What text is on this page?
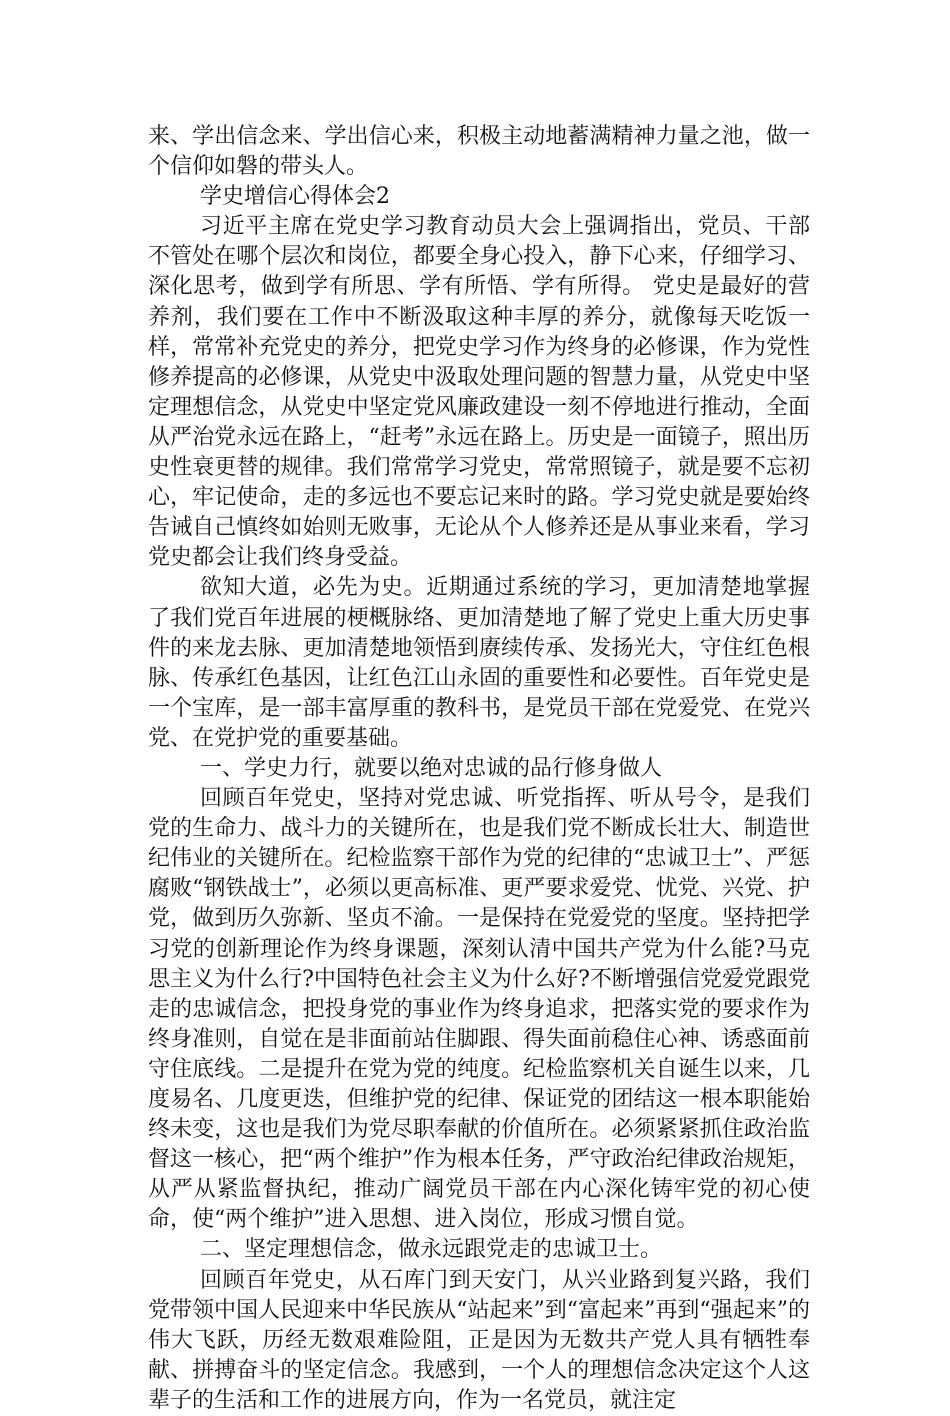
来、学出信念来、学出信心来，积极主动地蓄满精神力量之池，做一个信仰如磐的带头人。

学史增信心得体会2

习近平主席在党史学习教育动员大会上强调指出，党员、干部不管处在哪个层次和岗位，都要全身心投入，静下心来，仔细学习、深化思考，做到学有所思、学有所悟、学有所得。 党史是最好的营养剂，我们要在工作中不断汲取这种丰厚的养分，就像每天吃饭一样，常常补充党史的养分，把党史学习作为终身的必修课，作为党性修养提高的必修课，从党史中汲取处理问题的智慧力量，从党史中坚定理想信念，从党史中坚定党风廉政建设一刻不停地进行推动，全面从严治党永远在路上，“赶考”永远在路上。历史是一面镜子，照出历史性衰更替的规律。我们常常学习党史，常常照镜子，就是要不忘初心，牢记使命，走的多远也不要忘记来时的路。学习党史就是要始终告诫自己慎终如始则无败事，无论从个人修养还是从事业来看，学习党史都会让我们终身受益。

欲知大道，必先为史。近期通过系统的学习，更加清楚地掌握了我们党百年进展的梗概脉络、更加清楚地了解了党史上重大历史事件的来龙去脉、更加清楚地领悟到赓续传承、发扬光大，守住红色根脉、传承红色基因，让红色江山永固的重要性和必要性。百年党史是一个宝库，是一部丰富厚重的教科书，是党员干部在党爱党、在党兴党、在党护党的重要基础。

一、学史力行，就要以绝对忠诚的品行修身做人

回顾百年党史，坚持对党忠诚、听党指挥、听从号令，是我们党的生命力、战斗力的关键所在，也是我们党不断成长壮大、制造世纪伟业的关键所在。纪检监察干部作为党的纪律的“忠诚卫士”、严惩腐败“钢铁战士”，必须以更高标准、更严要求爱党、忧党、兴党、护党，做到历久弥新、坚贞不渝。一是保持在党爱党的坚度。坚持把学习党的创新理论作为终身课题，深刻认清中国共产党为什么能?马克思主义为什么行?中国特色社会主义为什么好?不断增强信党爱党跟党走的忠诚信念，把投身党的事业作为终身追求，把落实党的要求作为终身准则，自觉在是非面前站住脚跟、得失面前稳住心神、诱惑面前守住底线。二是提升在党为党的纯度。纪检监察机关自诞生以来，几度易名、几度更迭，但维护党的纪律、保证党的团结这一根本职能始终未变，这也是我们为党尽职奉献的价值所在。必须紧紧抓住政治监督这一核心，把“两个维护”作为根本任务，严守政治纪律政治规矩，从严从紧监督执纪，推动广阔党员干部在内心深化铸牢党的初心使命，使“两个维护”进入思想、进入岗位，形成习惯自觉。

二、坚定理想信念，做永远跟党走的忠诚卫士。

回顾百年党史，从石库门到天安门，从兴业路到复兴路，我们党带领中国人民迎来中华民族从“站起来”到“富起来”再到“强起来”的伟大飞跃，历经无数艰难险阻，正是因为无数共产党人具有牺牲奉献、拼搏奋斗的坚定信念。我感到，一个人的理想信念决定这个人这辈子的生活和工作的进展方向，作为一名党员，就注定
